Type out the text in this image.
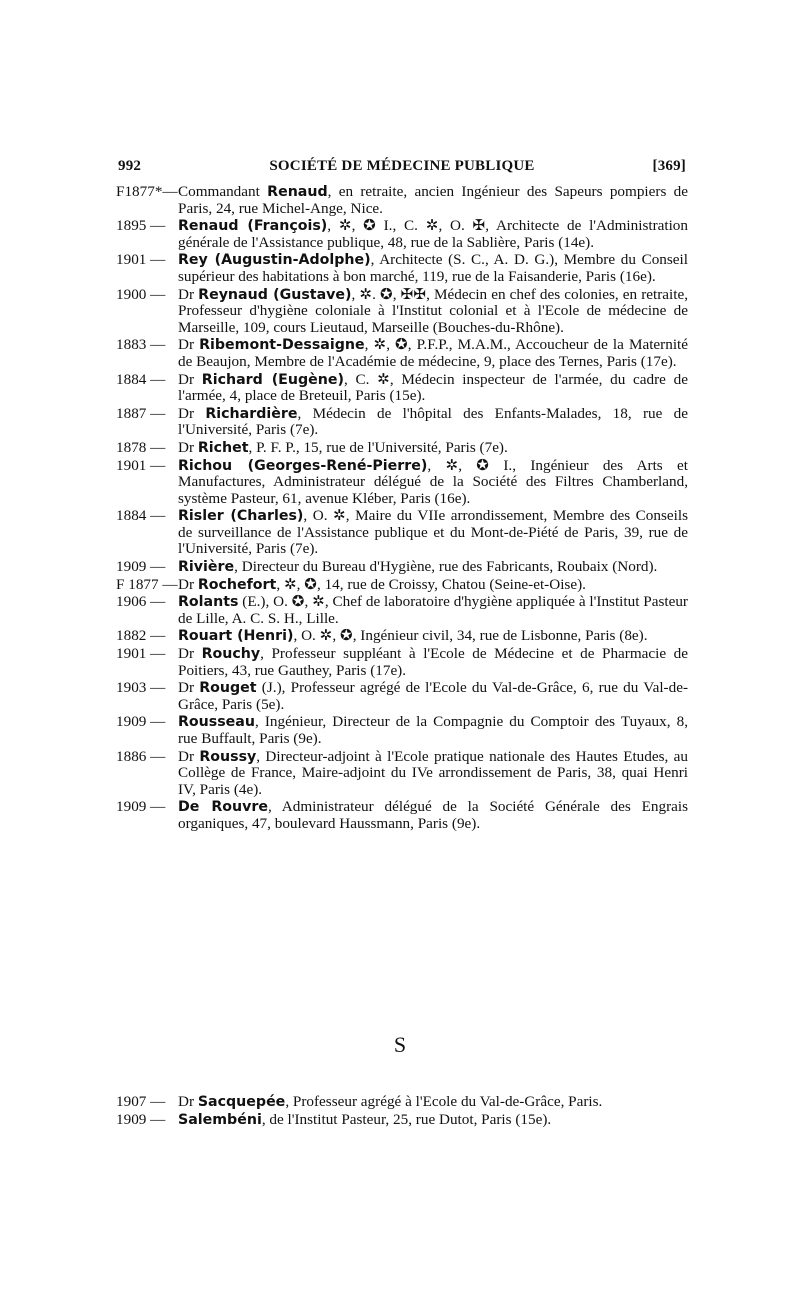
992	SOCIÉTÉ DE MÉDECINE PUBLIQUE	[369]
F1877*— Commandant Renaud, en retraite, ancien Ingénieur des Sapeurs pompiers de Paris, 24, rue Michel-Ange, Nice.
1895 — Renaud (François), ✲, ✪ I., C. ✲, O. ✠, Architecte de l'Administration générale de l'Assistance publique, 48, rue de la Sablière, Paris (14e).
1901 — Rey (Augustin-Adolphe), Architecte (S. C., A. D. G.), Membre du Conseil supérieur des habitations à bon marché, 119, rue de la Faisanderie, Paris (16e).
1900 — Dr Reynaud (Gustave), ✲. ✪, ✠✠, Médecin en chef des colonies, en retraite, Professeur d'hygiène coloniale à l'Institut colonial et à l'Ecole de médecine de Marseille, 109, cours Lieutaud, Marseille (Bouches-du-Rhône).
1883 — Dr Ribemont-Dessaigne, ✲, ✪, P.F.P., M.A.M., Accoucheur de la Maternité de Beaujon, Membre de l'Académie de médecine, 9, place des Ternes, Paris (17e).
1884 — Dr Richard (Eugène), C. ✲, Médecin inspecteur de l'armée, du cadre de l'armée, 4, place de Breteuil, Paris (15e).
1887 — Dr Richardière, Médecin de l'hôpital des Enfants-Malades, 18, rue de l'Université, Paris (7e).
1878 — Dr Richet, P. F. P., 15, rue de l'Université, Paris (7e).
1901 — Richou (Georges-René-Pierre), ✲, ✪ I., Ingénieur des Arts et Manufactures, Administrateur délégué de la Société des Filtres Chamberland, système Pasteur, 61, avenue Kléber, Paris (16e).
1884 — Risler (Charles), O. ✲, Maire du VIIe arrondissement, Membre des Conseils de surveillance de l'Assistance publique et du Mont-de-Piété de Paris, 39, rue de l'Université, Paris (7e).
1909 — Rivière, Directeur du Bureau d'Hygiène, rue des Fabricants, Roubaix (Nord).
F 1877 — Dr Rochefort, ✲, ✪, 14, rue de Croissy, Chatou (Seine-et-Oise).
1906 — Rolants (E.), O. ✪, ✲, Chef de laboratoire d'hygiène appliquée à l'Institut Pasteur de Lille, A. C. S. H., Lille.
1882 — Rouart (Henri), O. ✲, ✪, Ingénieur civil, 34, rue de Lisbonne, Paris (8e).
1901 — Dr Rouchy, Professeur suppléant à l'Ecole de Médecine et de Pharmacie de Poitiers, 43, rue Gauthey, Paris (17e).
1903 — Dr Rouget (J.), Professeur agrégé de l'Ecole du Val-de-Grâce, 6, rue du Val-de-Grâce, Paris (5e).
1909 — Rousseau, Ingénieur, Directeur de la Compagnie du Comptoir des Tuyaux, 8, rue Buffault, Paris (9e).
1886 — Dr Roussy, Directeur-adjoint à l'Ecole pratique nationale des Hautes Etudes, au Collège de France, Maire-adjoint du IVe arrondissement de Paris, 38, quai Henri IV, Paris (4e).
1909 — De Rouvre, Administrateur délégué de la Société Générale des Engrais organiques, 47, boulevard Haussmann, Paris (9e).
S
1907 — Dr Sacquepée, Professeur agrégé à l'Ecole du Val-de-Grâce, Paris.
1909 — Salembéni, de l'Institut Pasteur, 25, rue Dutot, Paris (15e).
